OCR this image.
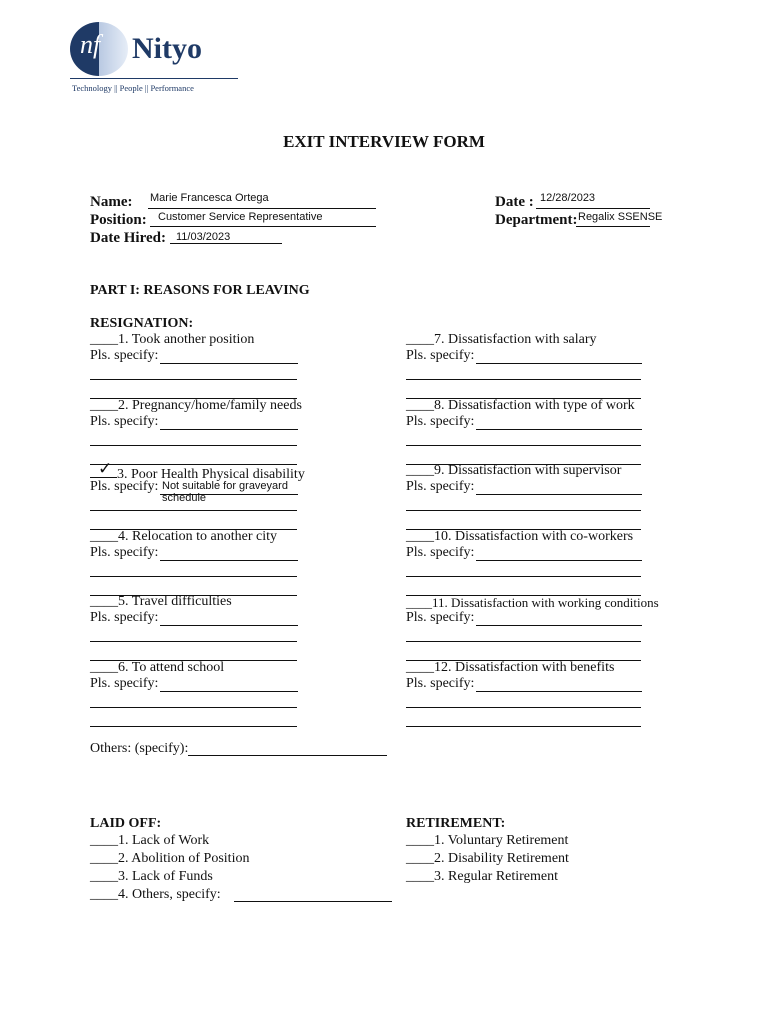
nf Nityo
Technology || People || Performance
EXIT INTERVIEW FORM
Name: Marie Francesca Ortega
Position: Customer Service Representative
Date Hired: 11/03/2023
Date : 12/28/2023
Department: Regalix SSENSE
PART I: REASONS FOR LEAVING
RESIGNATION:
____1. Took another position
Pls. specify:
____2. Pregnancy/home/family needs
Pls. specify:
✓ 3. Poor Health Physical disability
Pls. specify: Not suitable for graveyard
schedule
____4. Relocation to another city
Pls. specify:
____5. Travel difficulties
Pls. specify:
____6. To attend school
Pls. specify:
____7. Dissatisfaction with salary
Pls. specify:
____8. Dissatisfaction with type of work
Pls. specify:
____9. Dissatisfaction with supervisor
Pls. specify:
____10. Dissatisfaction with co-workers
Pls. specify:
____11. Dissatisfaction with working conditions
Pls. specify:
____12. Dissatisfaction with benefits
Pls. specify:
Others: (specify):
LAID OFF:
____1. Lack of Work
____2. Abolition of Position
____3. Lack of Funds
____4. Others, specify:
RETIREMENT:
____1. Voluntary Retirement
____2. Disability Retirement
____3. Regular Retirement
